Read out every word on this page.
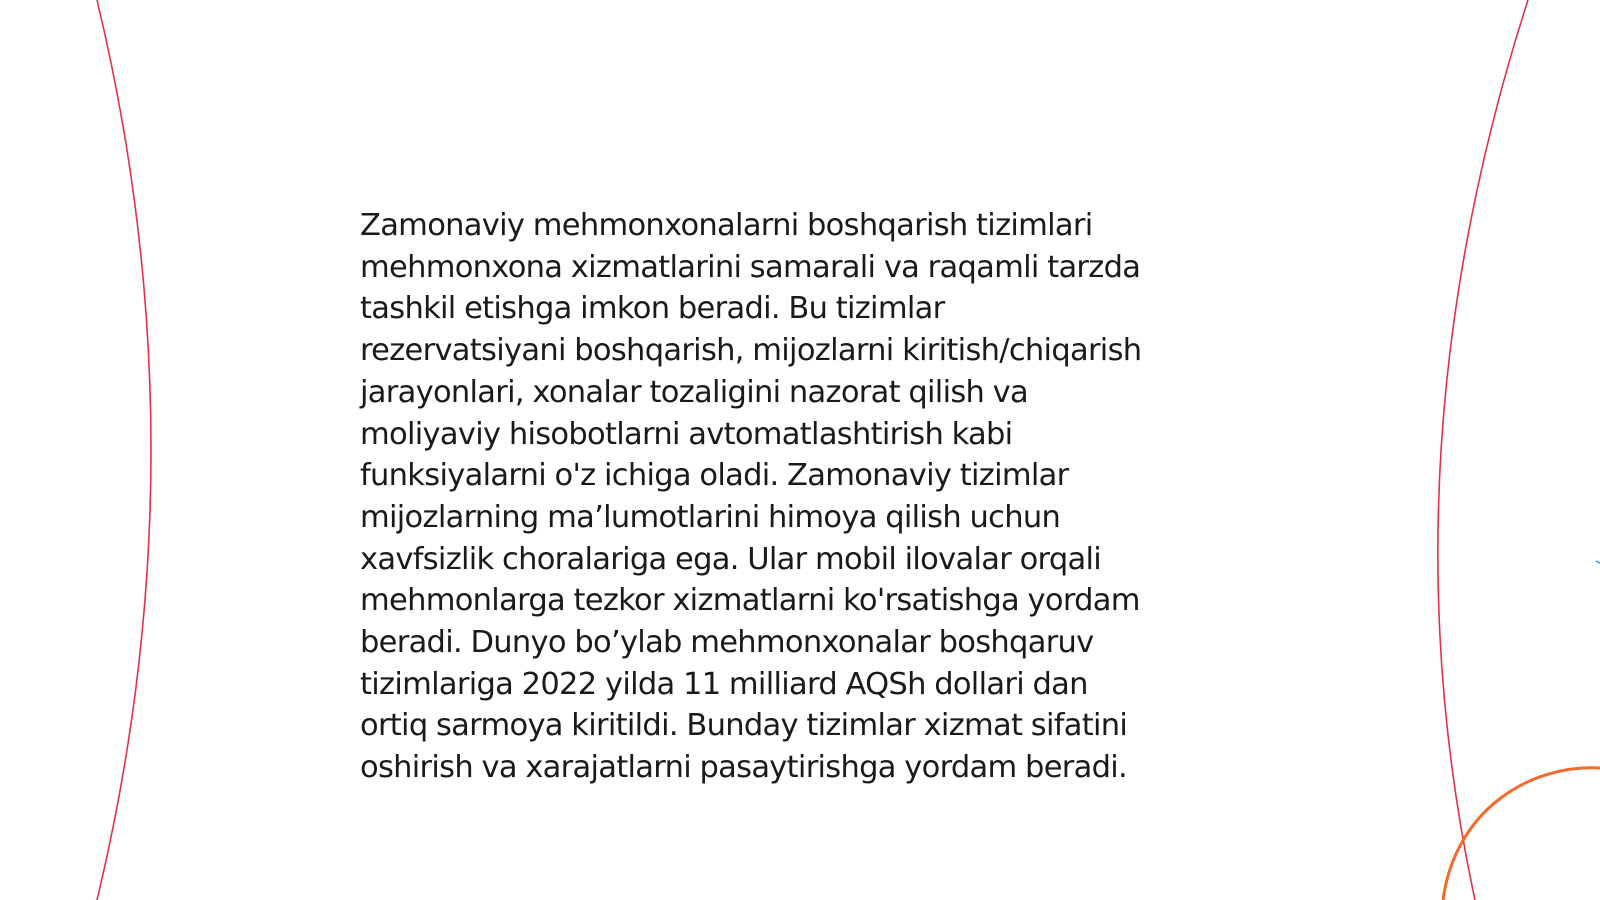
Zamonaviy mehmonxonalarni boshqarish tizimlari
mehmonxona xizmatlarini samarali va raqamli tarzda
tashkil etishga imkon beradi. Bu tizimlar
rezervatsiyani boshqarish, mijozlarni kiritish/chiqarish
jarayonlari, xonalar tozaligini nazorat qilish va
moliyaviy hisobotlarni avtomatlashtirish kabi
funksiyalarni o'z ichiga oladi. Zamonaviy tizimlar
mijozlarning ma’lumotlarini himoya qilish uchun
xavfsizlik choralariga ega. Ular mobil ilovalar orqali
mehmonlarga tezkor xizmatlarni ko'rsatishga yordam
beradi. Dunyo bo’ylab mehmonxonalar boshqaruv
tizimlariga 2022 yilda 11 milliard AQSh dollari dan
ortiq sarmoya kiritildi. Bunday tizimlar xizmat sifatini
oshirish va xarajatlarni pasaytirishga yordam beradi.
